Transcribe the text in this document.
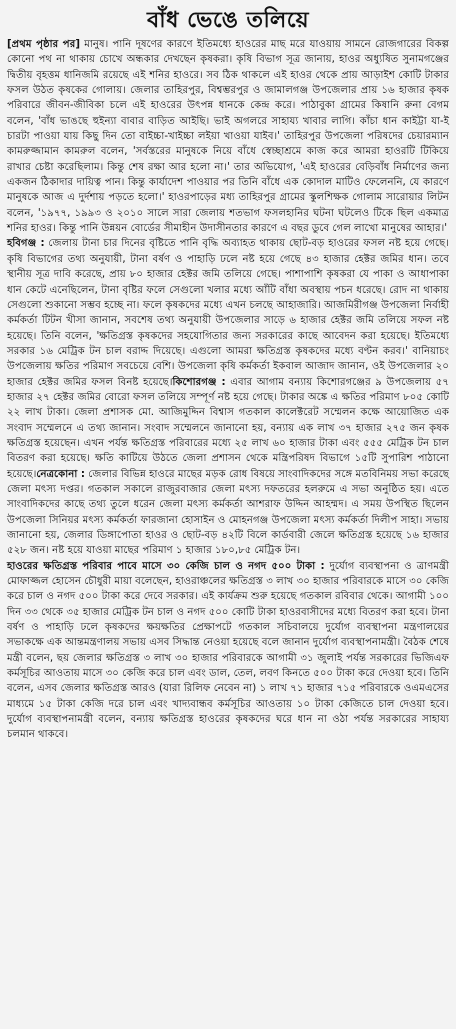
বাঁধ ভেঙে তলিয়ে

[প্রথম পৃষ্ঠার পর] মানুষ। পানি দূষণের কারণে ইতিমধ্যে হাওরের মাছ মরে যাওয়ায় সামনে রোজগারের বিকল্প কোনো পথ না থাকায় চোখে অন্ধকার দেখছেন কৃষকরা। কৃষি বিভাগ সূত্র জানায়, হাওর অধ্যুষিত সুনামগঞ্জের দ্বিতীয় বৃহত্তম ধানিজমি রয়েছে এই শনির হাওরে। সব ঠিক থাকলে এই হাওর থেকে প্রায় আড়াইশ কোটি টাকার ফসল উঠত কৃষকের গোলায়। জেলার তাহিরপুর, বিশ্বম্ভরপুর ও জামালগঞ্জ উপজেলার প্রায় ১৬ হাজার কৃষক পরিবারে জীবন-জীবিকা চলে এই হাওরের উৎপন্ন ধানকে কেন্দ্র করে। পাঠাবুকা গ্রামের কিষানি রুনা বেগম বলেন, 'বাঁধ ভাঙছে হুইন্যা বাবার বাড়িত আইছি। ভাই অগলরে সাহায্য খাবার লাগি। কাঁচা ধান কাইট্টা যা-ই চারটা পাওয়া যায় কিছু দিন তো বাইচ্চা-খাইচ্চা লইয়া খাওয়া যাইব।' তাহিরপুর উপজেলা পরিষদের চেয়ারম্যান কামরুজ্জামান কামরুল বলেন, 'সর্বস্তরের মানুষকে নিয়ে বাঁধে স্বেচ্ছাশ্রমে কাজ করে আমরা হাওরটি টিকিয়ে রাখার চেষ্টা করেছিলাম। কিন্তু শেষ রক্ষা আর হলো না।' তার অভিযোগ, 'এই হাওরের বেড়িবাঁধ নির্মাণের জন্য একজন ঠিকাদার দায়িত্ব পান। কিন্তু কার্যাদেশ পাওয়ার পর তিনি বাঁধে এক কোদাল মাটিও ফেলেননি, যে কারণে মানুষকে আজ এ দুর্দশায় পড়তে হলো।' হাওরপাড়ের মধ্য তাহিরপুর গ্রামের স্কুলশিক্ষক গোলাম সারোয়ার লিটন বলেন, '১৯৭৭, ১৯৯৩ ও ২০১০ সালে সারা জেলায় শতভাগ ফসলহানির ঘটনা ঘটলেও টিকে ছিল একমাত্র শনির হাওর। কিন্তু পানি উন্নয়ন বোর্ডের সীমাহীন উদাসীনতার কারণে এ বছর ডুবে গেল লাখো মানুষের আহার।'

হবিগঞ্জ : জেলায় টানা চার দিনের বৃষ্টিতে পানি বৃদ্ধি অব্যাহত থাকায় ছোট-বড় হাওরের ফসল নষ্ট হয়ে গেছে। কৃষি বিভাগের তথ্য অনুযায়ী, টানা বর্ষণ ও পাহাড়ি ঢলে নষ্ট হয়ে গেছে ৪৩ হাজার হেক্টর জমির ধান। তবে স্থানীয় সূত্র দাবি করেছে, প্রায় ৮০ হাজার হেক্টর জমি তলিয়ে গেছে। পাশাপাশি কৃষকরা যে পাকা ও আধাপাকা ধান কেটে এনেছিলেন, টানা বৃষ্টির ফলে সেগুলো খলার মধ্যে আঁটি বাঁধা অবস্থায় পচন ধরেছে। রোদ না থাকায় সেগুলো শুকানো সম্ভব হচ্ছে না। ফলে কৃষকদের মধ্যে এখন চলছে আহাজারি। আজমিরীগঞ্জ উপজেলা নির্বাহী কর্মকর্তা টিটন খীসা জানান, সবশেষ তথ্য অনুযায়ী উপজেলার সাড়ে ৬ হাজার হেক্টর জমি তলিয়ে সফল নষ্ট হয়েছে। তিনি বলেন, 'ক্ষতিগ্রস্ত কৃষকদের সহযোগিতার জন্য সরকারের কাছে আবেদন করা হয়েছে। ইতিমধ্যে সরকার ১৬ মেট্রিক টন চাল বরাদ্দ দিয়েছে। এগুলো আমরা ক্ষতিগ্রস্ত কৃষকদের মধ্যে বণ্টন করব।' বানিয়াচং উপজেলায় ক্ষতির পরিমাণ সবচেয়ে বেশি। উপজেলা কৃষি কর্মকর্তা ইকবাল আজাদ জানান, ওই উপজেলার ২০ হাজার হেক্টর জমির ফসল বিনষ্ট হয়েছে।কিশোরগঞ্জ : এবার আগাম বন্যায় কিশোরগঞ্জের ৯ উপজেলায় ৫৭ হাজার ২৭ হেক্টর জমির বোরো ফসল তলিয়ে সম্পূর্ণ নষ্ট হয়ে গেছে। টাকার অঙ্কে এ ক্ষতির পরিমাণ ৮০৫ কোটি ২২ লাখ টাকা। জেলা প্রশাসক মো. আজিমুদ্দিন বিশ্বাস গতকাল কালেক্টরেট সম্মেলন কক্ষে আয়োজিত এক সংবাদ সম্মেলনে এ তথ্য জানান। সংবাদ সম্মেলনে জানানো হয়, বন্যায় এক লাখ ৩৭ হাজার ২৭৫ জন কৃষক ক্ষতিগ্রস্ত হয়েছেন। এখন পর্যন্ত ক্ষতিগ্রস্ত পরিবারের মধ্যে ২৫ লাখ ৬০ হাজার টাকা এবং ৫৫৫ মেট্রিক টন চাল বিতরণ করা হয়েছে। ক্ষতি কাটিয়ে উঠতে জেলা প্রশাসন থেকে মন্ত্রিপরিষদ বিভাগে ১৫টি সুপারিশ পাঠানো হয়েছে।নেত্রকোনা : জেলার বিভিন্ন হাওরে মাছের মড়ক রোধ বিষয়ে সাংবাদিকদের সঙ্গে মতবিনিময় সভা করেছে জেলা মৎস্য দপ্তর। গতকাল সকালে রাজুরবাজার জেলা মৎস্য দফতরের হলরুমে এ সভা অনুষ্ঠিত হয়। এতে সাংবাদিকদের কাছে তথ্য তুলে ধরেন জেলা মৎস্য কর্মকর্তা আশরাফ উদ্দিন আহম্মদ। এ সময় উপস্থিত ছিলেন উপজেলা সিনিয়র মৎস্য কর্মকর্তা ফারজানা হোসাইন ও মোহনগঞ্জ উপজেলা মৎস্য কর্মকর্তা দিলীপ সাহা। সভায় জানানো হয়, জেলার ডিঙ্গাপোতা হাওর ও ছোট-বড় ৪২টি বিলে কার্ডবারী জেলে ক্ষতিগ্রস্ত হয়েছে ১৬ হাজার ৫২৮ জন। নষ্ট হয়ে যাওয়া মাছের পরিমাণ ১ হাজার ১৮০,৮৫ মেট্রিক টন।

হাওরের ক্ষতিগ্রস্ত পরিবার পাবে মাসে ৩০ কেজি চাল ও নগদ ৫০০ টাকা : দুর্যোগ ব্যবস্থাপনা ও ত্রাণমন্ত্রী মোফাজ্জল হোসেন চৌধুরী মায়া বলেছেন, হাওরাঞ্চলের ক্ষতিগ্রস্ত ৩ লাখ ৩০ হাজার পরিবারকে মাসে ৩০ কেজি করে চাল ও নগদ ৫০০ টাকা করে দেবে সরকার। এই কার্যক্রম শুরু হয়েছে গতকাল রবিবার থেকে। আগামী ১০০ দিন ৩৩ থেকে ৩৫ হাজার মেট্রিক টন চাল ও নগদ ৫০০ কোটি টাকা হাওরবাসীদের মধ্যে বিতরণ করা হবে। টানা বর্ষণ ও পাহাড়ি ঢলে কৃষকদের ক্ষয়ক্ষতির প্রেক্ষাপটে গতকাল সচিবালয়ে দুর্যোগ ব্যবস্থাপনা মন্ত্রণালয়ের সভাকক্ষে এক আন্তমন্ত্রণালয় সভায় এসব সিদ্ধান্ত নেওয়া হয়েছে বলে জানান দুর্যোগ ব্যবস্থাপনামন্ত্রী। বৈঠক শেষে মন্ত্রী বলেন, ছয় জেলার ক্ষতিগ্রস্ত ৩ লাখ ৩০ হাজার পরিবারকে আগামী ৩১ জুলাই পর্যন্ত সরকারের ভিজিএফ কর্মসূচির আওতায় মাসে ৩০ কেজি করে চাল এবং ডাল, তেল, লবণ কিনতে ৫০০ টাকা করে দেওয়া হবে। তিনি বলেন, এসব জেলার ক্ষতিগ্রস্ত আরও (যারা রিলিফ নেবেন না) ১ লাখ ৭১ হাজার ৭১৫ পরিবারকে ওএমএসের মাধ্যমে ১৫ টাকা কেজি দরে চাল এবং খাদ্যবান্ধব কর্মসূচির আওতায় ১০ টাকা কেজিতে চাল দেওয়া হবে। দুর্যোগ ব্যবস্থাপনামন্ত্রী বলেন, বন্যায় ক্ষতিগ্রস্ত হাওরের কৃষকদের ঘরে ধান না ওঠা পর্যন্ত সরকারের সাহায্য চলমান থাকবে।
